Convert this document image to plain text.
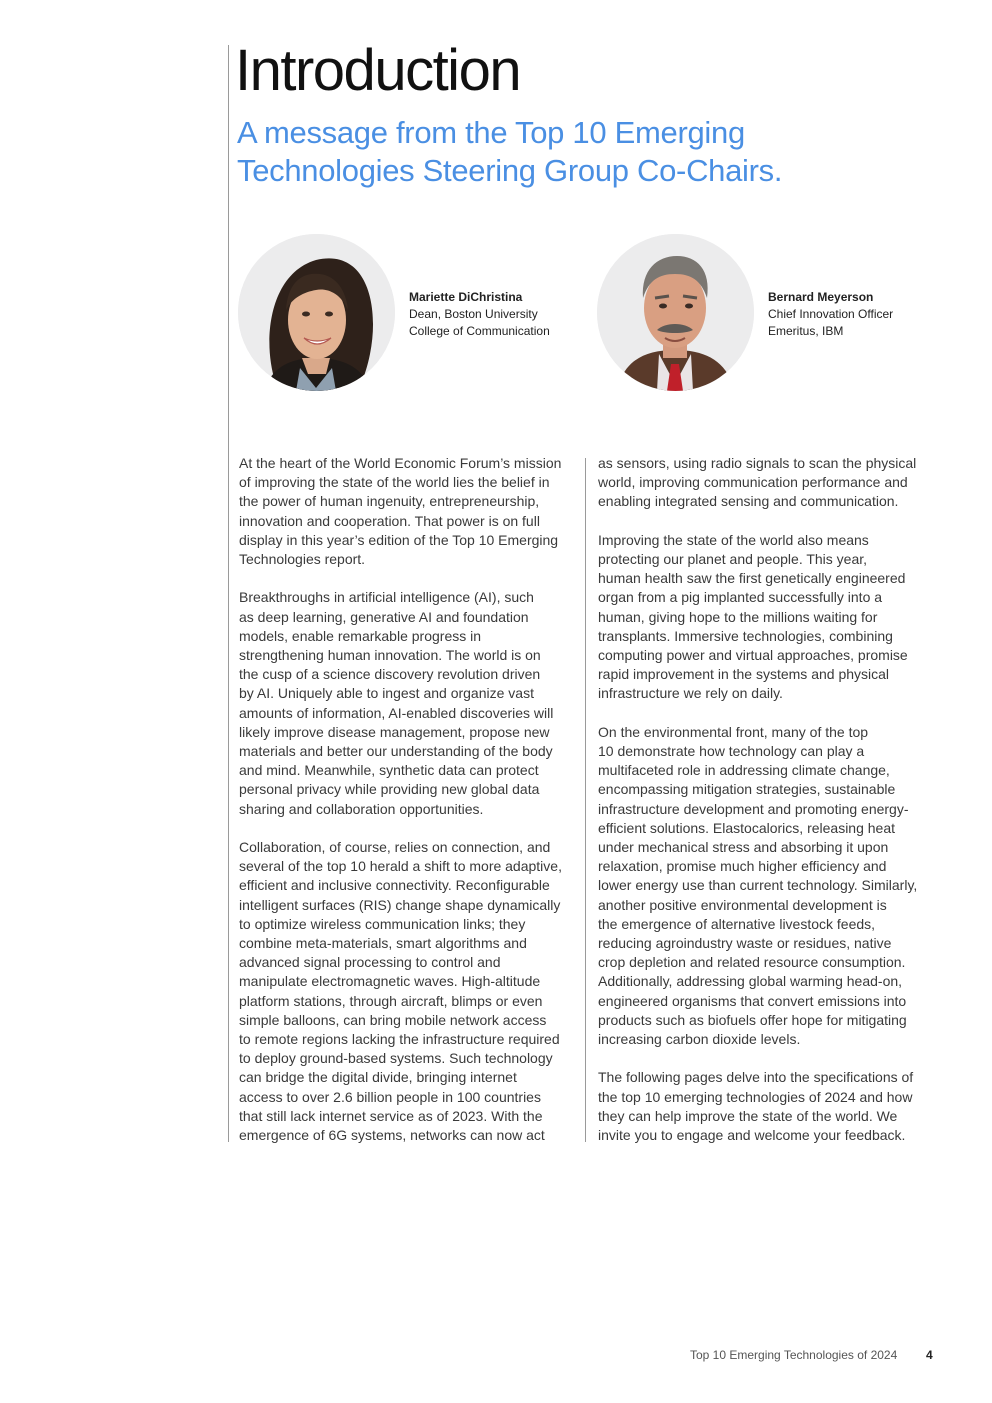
Introduction
A message from the Top 10 Emerging Technologies Steering Group Co-Chairs.
Mariette DiChristina
Dean, Boston University
College of Communication
Bernard Meyerson
Chief Innovation Officer
Emeritus, IBM

At the heart of the World Economic Forum’s mission
of improving the state of the world lies the belief in
the power of human ingenuity, entrepreneurship,
innovation and cooperation. That power is on full
display in this year’s edition of the Top 10 Emerging
Technologies report.

Breakthroughs in artificial intelligence (AI), such
as deep learning, generative AI and foundation
models, enable remarkable progress in
strengthening human innovation. The world is on
the cusp of a science discovery revolution driven
by AI. Uniquely able to ingest and organize vast
amounts of information, AI-enabled discoveries will
likely improve disease management, propose new
materials and better our understanding of the body
and mind. Meanwhile, synthetic data can protect
personal privacy while providing new global data
sharing and collaboration opportunities.

Collaboration, of course, relies on connection, and
several of the top 10 herald a shift to more adaptive,
efficient and inclusive connectivity. Reconfigurable
intelligent surfaces (RIS) change shape dynamically
to optimize wireless communication links; they
combine meta-materials, smart algorithms and
advanced signal processing to control and
manipulate electromagnetic waves. High-altitude
platform stations, through aircraft, blimps or even
simple balloons, can bring mobile network access
to remote regions lacking the infrastructure required
to deploy ground-based systems. Such technology
can bridge the digital divide, bringing internet
access to over 2.6 billion people in 100 countries
that still lack internet service as of 2023. With the
emergence of 6G systems, networks can now act

as sensors, using radio signals to scan the physical
world, improving communication performance and
enabling integrated sensing and communication.

Improving the state of the world also means
protecting our planet and people. This year,
human health saw the first genetically engineered
organ from a pig implanted successfully into a
human, giving hope to the millions waiting for
transplants. Immersive technologies, combining
computing power and virtual approaches, promise
rapid improvement in the systems and physical
infrastructure we rely on daily.

On the environmental front, many of the top
10 demonstrate how technology can play a
multifaceted role in addressing climate change,
encompassing mitigation strategies, sustainable
infrastructure development and promoting energy-
efficient solutions. Elastocalorics, releasing heat
under mechanical stress and absorbing it upon
relaxation, promise much higher efficiency and
lower energy use than current technology. Similarly,
another positive environmental development is
the emergence of alternative livestock feeds,
reducing agroindustry waste or residues, native
crop depletion and related resource consumption.
Additionally, addressing global warming head-on,
engineered organisms that convert emissions into
products such as biofuels offer hope for mitigating
increasing carbon dioxide levels.

The following pages delve into the specifications of
the top 10 emerging technologies of 2024 and how
they can help improve the state of the world. We
invite you to engage and welcome your feedback.

Top 10 Emerging Technologies of 2024 4
